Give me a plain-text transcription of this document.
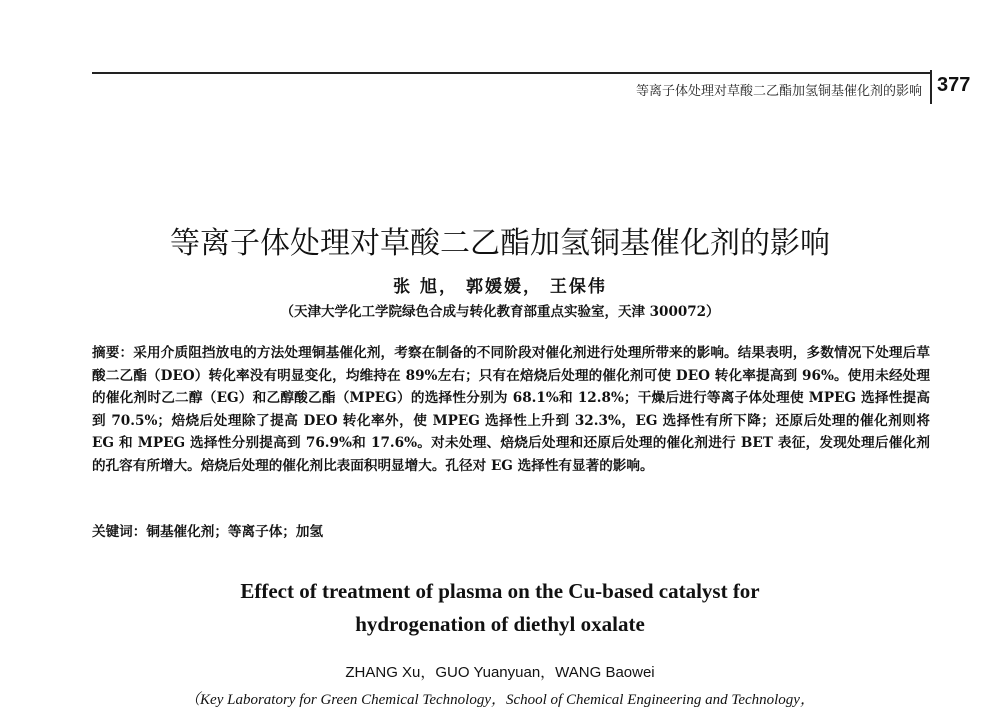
等离子体处理对草酸二乙酯加氢铜基催化剂的影响 377
等离子体处理对草酸二乙酯加氢铜基催化剂的影响
张 旭， 郭媛媛， 王保伟
（天津大学化工学院绿色合成与转化教育部重点实验室，天津 300072）
摘要：采用介质阻挡放电的方法处理铜基催化剂，考察在制备的不同阶段对催化剂进行处理所带来的影响。结果表明，多数情况下处理后草酸二乙酯（DEO）转化率没有明显变化，均维持在 89%左右；只有在焙烧后处理的催化剂可使 DEO 转化率提高到 96%。使用未经处理的催化剂时乙二醇（EG）和乙醇酸乙酯（MPEG）的选择性分别为 68.1%和 12.8%；干燥后进行等离子体处理使 MPEG 选择性提高到 70.5%；焙烧后处理除了提高 DEO 转化率外，使 MPEG 选择性上升到 32.3%，EG 选择性有所下降；还原后处理的催化剂则将 EG 和 MPEG 选择性分别提高到 76.9%和 17.6%。对未处理、焙烧后处理和还原后处理的催化剂进行 BET 表征，发现处理后催化剂的孔容有所增大。焙烧后处理的催化剂比表面积明显增大。孔径对 EG 选择性有显著的影响。
关键词：铜基催化剂；等离子体；加氢
Effect of treatment of plasma on the Cu-based catalyst for
hydrogenation of diethyl oxalate
ZHANG Xu，GUO Yuanyuan，WANG Baowei
（Key Laboratory for Green Chemical Technology，School of Chemical Engineering and Technology，
